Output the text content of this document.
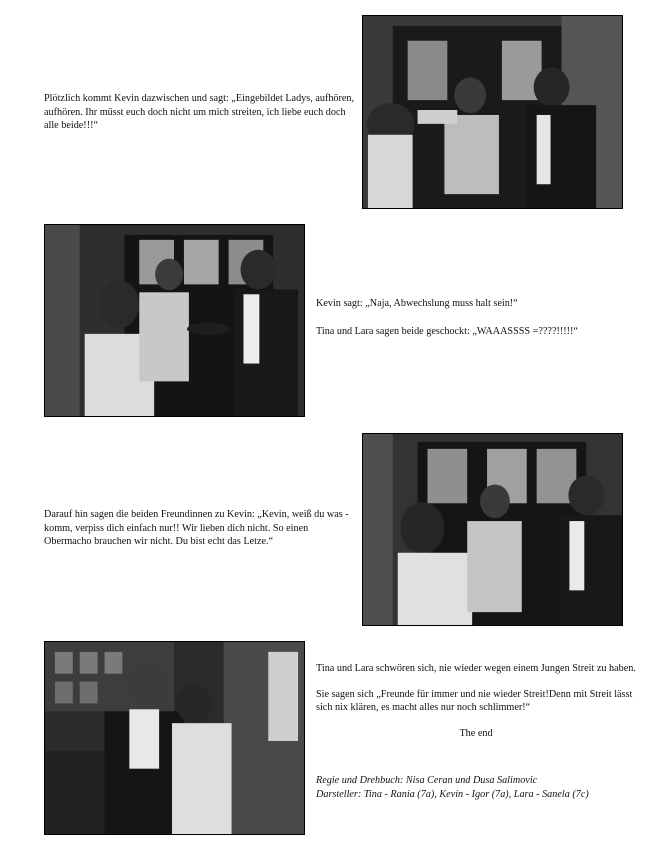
Plötzlich kommt Kevin dazwischen und sagt: „Eingebildet Ladys, aufhören, aufhören. Ihr müsst euch doch nicht um mich streiten, ich liebe euch doch alle beide!!!“

Kevin sagt: „Naja, Abwechslung muss halt sein!“

Tina und Lara sagen beide geschockt: „WAAASSSS =????!!!!!“

Darauf hin sagen die beiden Freundinnen zu Kevin: „Kevin, weiß du was - komm, verpiss dich einfach nur!! Wir lieben dich nicht. So einen Obermacho brauchen wir nicht. Du bist echt das Letze.“

Tina und Lara schwören sich, nie wieder wegen einem Jungen Streit zu haben.

Sie sagen sich „Freunde für immer und nie wieder Streit!Denn mit Streit lässt sich nix klären, es macht alles nur noch schlimmer!“

The end

Regie und Drehbuch: Nisa Ceran und Dusa Salimovic
Darsteller: Tina - Rania (7a), Kevin - Igor (7a), Lara - Sanela (7c)
